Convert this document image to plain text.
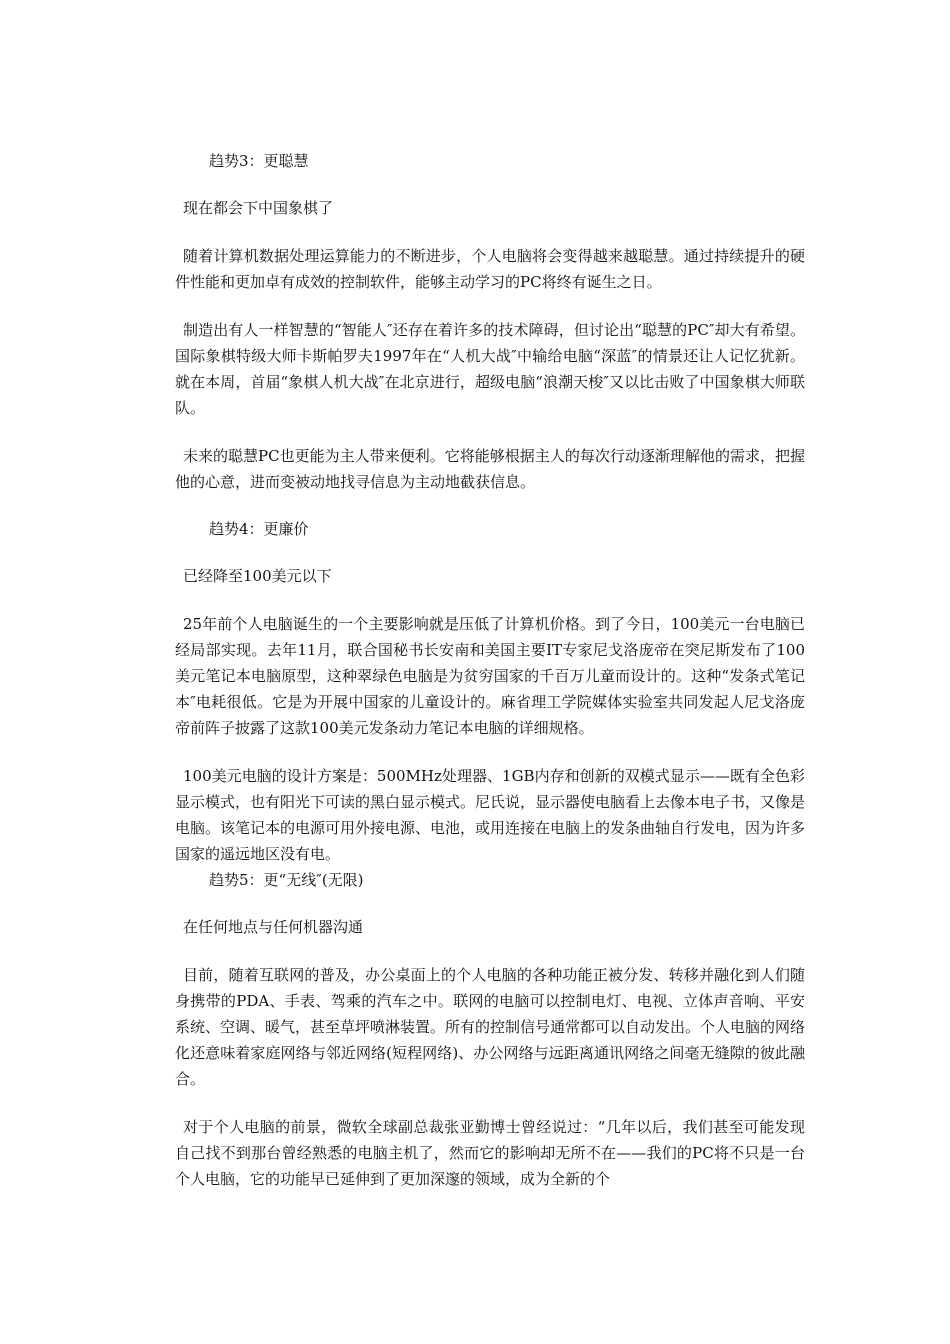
趋势3：更聪慧

现在都会下中国象棋了

随着计算机数据处理运算能力的不断进步，个人电脑将会变得越来越聪慧。通过持续提升的硬件性能和更加卓有成效的控制软件，能够主动学习的PC将终有诞生之日。

制造出有人一样智慧的“智能人″还存在着许多的技术障碍，但讨论出“聪慧的PC″却大有希望。国际象棋特级大师卡斯帕罗夫1997年在“人机大战″中输给电脑“深蓝″的情景还让人记忆犹新。就在本周，首届“象棋人机大战″在北京进行，超级电脑“浪潮天梭″又以比击败了中国象棋大师联队。

未来的聪慧PC也更能为主人带来便利。它将能够根据主人的每次行动逐渐理解他的需求，把握他的心意，进而变被动地找寻信息为主动地截获信息。

趋势4：更廉价

已经降至100美元以下

25年前个人电脑诞生的一个主要影响就是压低了计算机价格。到了今日，100美元一台电脑已经局部实现。去年11月，联合国秘书长安南和美国主要IT专家尼戈洛庞帝在突尼斯发布了100美元笔记本电脑原型，这种翠绿色电脑是为贫穷国家的千百万儿童而设计的。这种“发条式笔记本″电耗很低。它是为开展中国家的儿童设计的。麻省理工学院媒体实验室共同发起人尼戈洛庞帝前阵子披露了这款100美元发条动力笔记本电脑的详细规格。

100美元电脑的设计方案是：500MHz处理器、1GB内存和创新的双模式显示——既有全色彩显示模式，也有阳光下可读的黑白显示模式。尼氏说，显示器使电脑看上去像本电子书，又像是电脑。该笔记本的电源可用外接电源、电池，或用连接在电脑上的发条曲轴自行发电，因为许多国家的遥远地区没有电。

趋势5：更“无线″(无限)

在任何地点与任何机器沟通

目前，随着互联网的普及，办公桌面上的个人电脑的各种功能正被分发、转移并融化到人们随身携带的PDA、手表、驾乘的汽车之中。联网的电脑可以控制电灯、电视、立体声音响、平安系统、空调、暖气，甚至草坪喷淋装置。所有的控制信号通常都可以自动发出。个人电脑的网络化还意味着家庭网络与邻近网络(短程网络)、办公网络与远距离通讯网络之间毫无缝隙的彼此融合。

对于个人电脑的前景，微软全球副总裁张亚勤博士曾经说过：“几年以后，我们甚至可能发现自己找不到那台曾经熟悉的电脑主机了，然而它的影响却无所不在——我们的PC将不只是一台个人电脑，它的功能早已延伸到了更加深邃的领域，成为全新的个
